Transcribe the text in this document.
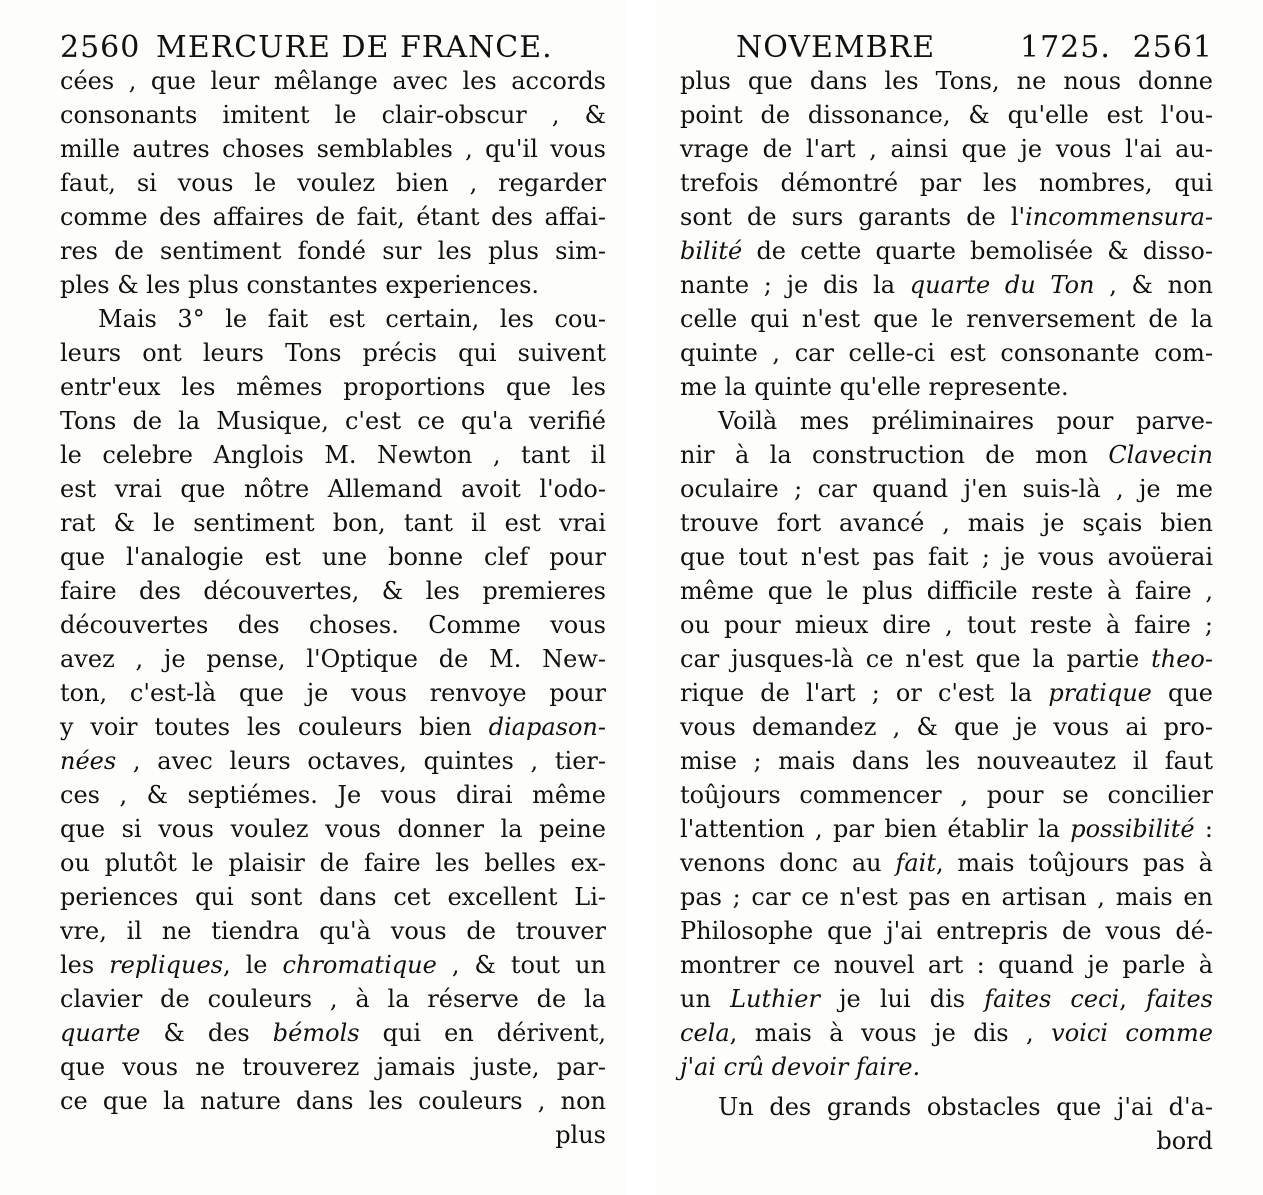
2560 MERCURE DE FRANCE.
cées , que leur mêlange avec les accords
consonants imitent le clair-obscur , &
mille autres choses semblables , qu'il vous
faut, si vous le voulez bien , regarder
comme des affaires de fait, étant des affai-
res de sentiment fondé sur les plus sim-
ples & les plus constantes experiences.
Mais 3° le fait est certain, les cou-
leurs ont leurs Tons précis qui suivent
entr'eux les mêmes proportions que les
Tons de la Musique, c'est ce qu'a verifié
le celebre Anglois M. Newton , tant il
est vrai que nôtre Allemand avoit l'odo-
rat & le sentiment bon, tant il est vrai
que l'analogie est une bonne clef pour
faire des découvertes, & les premieres
découvertes des choses. Comme vous
avez , je pense, l'Optique de M. New-
ton, c'est-là que je vous renvoye pour
y voir toutes les couleurs bien diapason-
nées , avec leurs octaves, quintes , tier-
ces , & septiémes. Je vous dirai même
que si vous voulez vous donner la peine
ou plutôt le plaisir de faire les belles ex-
periences qui sont dans cet excellent Li-
vre, il ne tiendra qu'à vous de trouver
les repliques, le chromatique , & tout un
clavier de couleurs , à la réserve de la
quarte & des bémols qui en dérivent,
que vous ne trouverez jamais juste, par-
ce que la nature dans les couleurs , non
plus
NOVEMBRE	1725. 2561
plus que dans les Tons, ne nous donne
point de dissonance, & qu'elle est l'ou-
vrage de l'art , ainsi que je vous l'ai au-
trefois démontré par les nombres, qui
sont de surs garants de l'incommensura-
bilité de cette quarte bemolisée & disso-
nante ; je dis la quarte du Ton , & non
celle qui n'est que le renversement de la
quinte , car celle-ci est consonante com-
me la quinte qu'elle represente.
Voilà mes préliminaires pour parve-
nir à la construction de mon Clavecin
oculaire ; car quand j'en suis-là , je me
trouve fort avancé , mais je sçais bien
que tout n'est pas fait ; je vous avoüerai
même que le plus difficile reste à faire ,
ou pour mieux dire , tout reste à faire ;
car jusques-là ce n'est que la partie theo-
rique de l'art ; or c'est la pratique que
vous demandez , & que je vous ai pro-
mise ; mais dans les nouveautez il faut
toûjours commencer , pour se concilier
l'attention , par bien établir la possibilité :
venons donc au fait, mais toûjours pas à
pas ; car ce n'est pas en artisan , mais en
Philosophe que j'ai entrepris de vous dé-
montrer ce nouvel art : quand je parle à
un Luthier je lui dis faites ceci, faites
cela, mais à vous je dis , voici comme
j'ai crû devoir faire.
Un des grands obstacles que j'ai d'a-
bord
